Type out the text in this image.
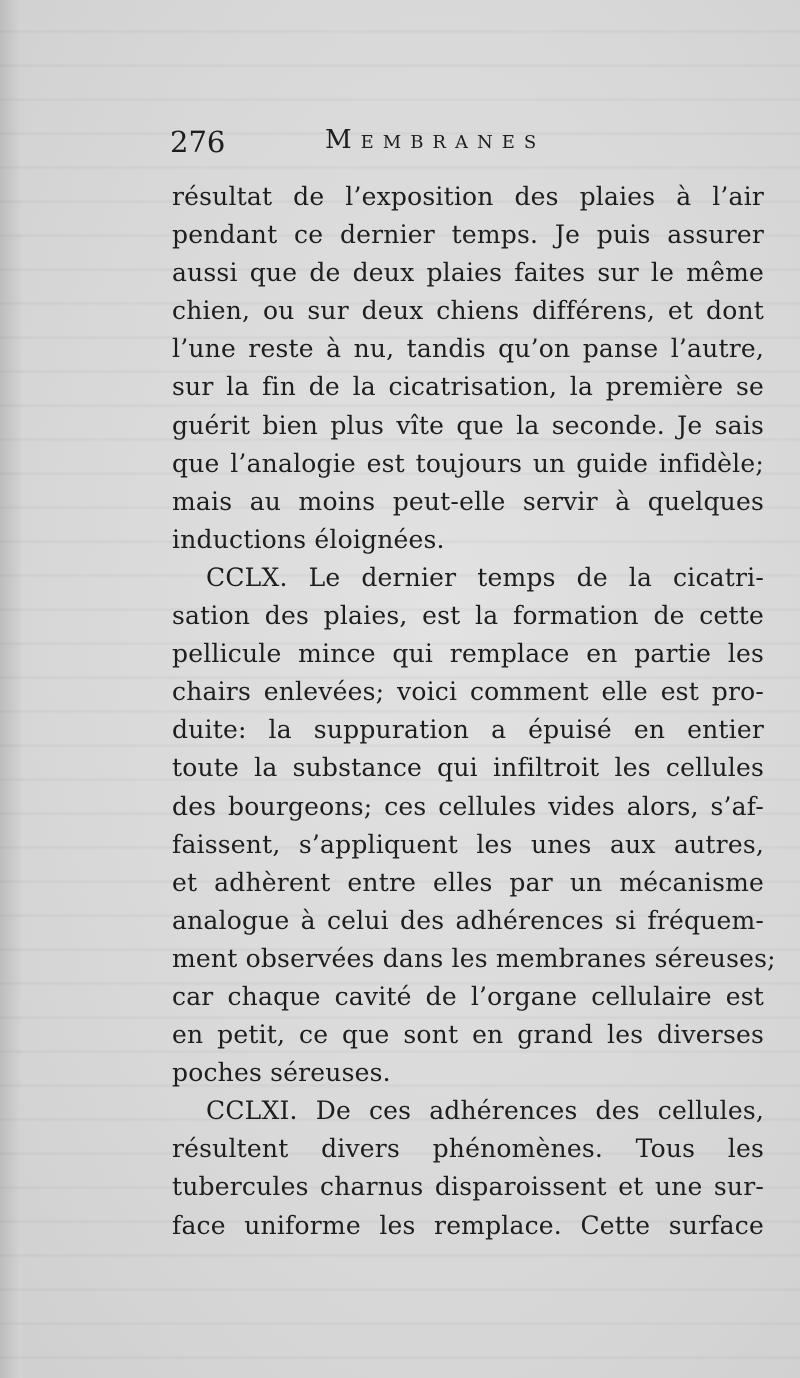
276	Membranes
résultat de l’exposition des plaies à l’air
pendant ce dernier temps. Je puis assurer
aussi que de deux plaies faites sur le même
chien, ou sur deux chiens différens, et dont
l’une reste à nu, tandis qu’on panse l’autre,
sur la fin de la cicatrisation, la première se
guérit bien plus vîte que la seconde. Je sais
que l’analogie est toujours un guide infidèle;
mais au moins peut-elle servir à quelques
inductions éloignées.
CCLX. Le dernier temps de la cicatri-
sation des plaies, est la formation de cette
pellicule mince qui remplace en partie les
chairs enlevées; voici comment elle est pro-
duite: la suppuration a épuisé en entier
toute la substance qui infiltroit les cellules
des bourgeons; ces cellules vides alors, s’af-
faissent, s’appliquent les unes aux autres,
et adhèrent entre elles par un mécanisme
analogue à celui des adhérences si fréquem-
ment observées dans les membranes séreuses;
car chaque cavité de l’organe cellulaire est
en petit, ce que sont en grand les diverses
poches séreuses.
CCLXI. De ces adhérences des cellules,
résultent divers phénomènes. Tous les
tubercules charnus disparoissent et une sur-
face uniforme les remplace. Cette surface
